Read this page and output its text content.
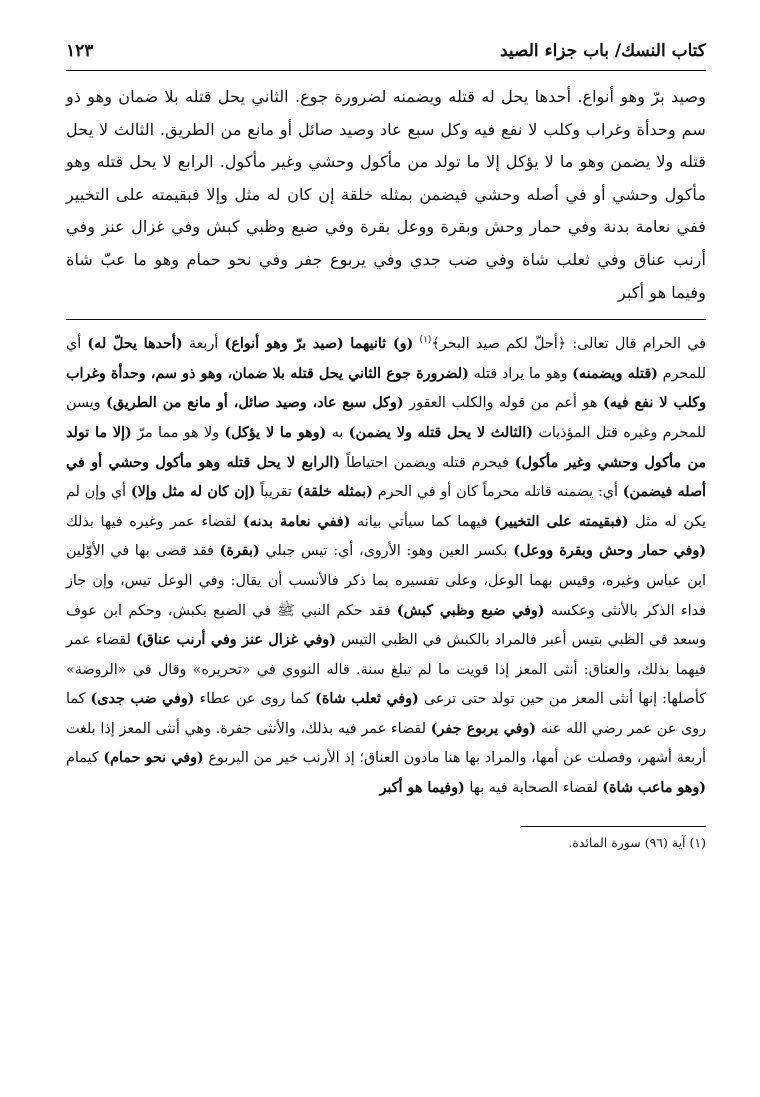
كتاب النسك/ باب جزاء الصيد
١٢٣
وصيد برّ وهو أنواع. أحدها يحل له قتله ويضمنه لضرورة جوع. الثاني يحل قتله بلا ضمان وهو ذو سم وحدأة وغراب وكلب لا نفع فيه وكل سبع عاد وصيد صائل أو مانع من الطريق. الثالث لا يحل قتله ولا يضمن وهو ما لا يؤكل إلا ما تولد من مأكول وحشي وغير مأكول. الرابع لا يحل قتله وهو مأكول وحشي أو في أصله وحشي فيضمن بمثله خلقة إن كان له مثل وإلا فبقيمته على التخيير ففي نعامة بدنة وفي حمار وحش وبقرة ووعل بقرة وفي ضبع وظبي كبش وفي غزال عنز وفي أرنب عناق وفي ثعلب شاة وفي ضب جدي وفي يربوع جفر وفي نحو حمام وهو ما عبّ شاة وفيما هو أكبر
في الحرام قال تعالى: ﴿أحلّ لكم صيد البحر﴾$^{(١)}$ (و) ثانيهما (صيد برّ وهو أنواع) أربعة (أحدها يحلّ له) أي للمحرم (قتله ويضمنه) وهو ما يراد قتله (لضرورة جوع الثاني يحل قتله بلا ضمان، وهو ذو سم، وحدأة وغراب وكلب لا نفع فيه) هو أعم من قوله والكلب العقور (وكل سبع عاد، وصيد صائل، أو مانع من الطريق) ويسن للمحرم وغيره قتل المؤذيات (الثالث لا يحل قتله ولا يضمن) به (وهو ما لا يؤكل) ولا هو مما مرّ (إلا ما تولد من مأكول وحشي وغير مأكول) فيحرم قتله ويضمن احتياطاً (الرابع لا يحل قتله وهو مأكول وحشي أو في أصله فيضمن) أي: يضمنه قاتله محرماً كان أو في الحرم (بمثله خلقة) تقريباً (إن كان له مثل وإلا) أي وإن لم يكن له مثل (فبقيمته على التخيير) فيهما كما سيأتي بيانه (ففي نعامة بدنه) لقضاء عمر وغيره فيها بذلك (وفي حمار وحش وبقرة ووعل) بكسر العين وهو: الأروى، أي: تيس جبلي (بقرة) فقد قضى بها في الأوّلين ابن عباس وغيره، وقيس بهما الوعل، وعلى تفسيره بما ذكر فالأنسب أن يقال: وفي الوعل تيس، وإن جاز فداء الذكر بالأنثى وعكسه (وفي ضبع وظبي كبش) فقد حكم النبي ﷺ في الضبع بكبش، وحكم ابن عوف وسعد في الظبي بتيس أعبر فالمراد بالكبش في الظبي التيس (وفي غزال عنز وفي أرنب عناق) لقضاء عمر فيهما بذلك، والعناق: أنثى المعز إذا قويت ما لم تبلغ سنة. قاله النووي في «تحريره» وقال في «الروضة» كأصلها: إنها أنثى المعز من حين تولد حتى ترعى (وفي ثعلب شاة) كما روى عن عطاء (وفي ضب جدى) كما روى عن عمر رضي الله عنه (وفي يربوع جفر) لقضاء عمر فيه بذلك، والأنثى جفرة. وهي أنثى المعز إذا بلغت أربعة أشهر، وفصلت عن أمها، والمراد بها هنا مادون العناق؛ إذ الأرنب خير من اليربوع (وفي نحو حمام) كيمام (وهو ماعب شاة) لقضاء الصحابة فيه بها (وفيما هو أكبر
(١) آية (٩٦) سورة المائدة.
